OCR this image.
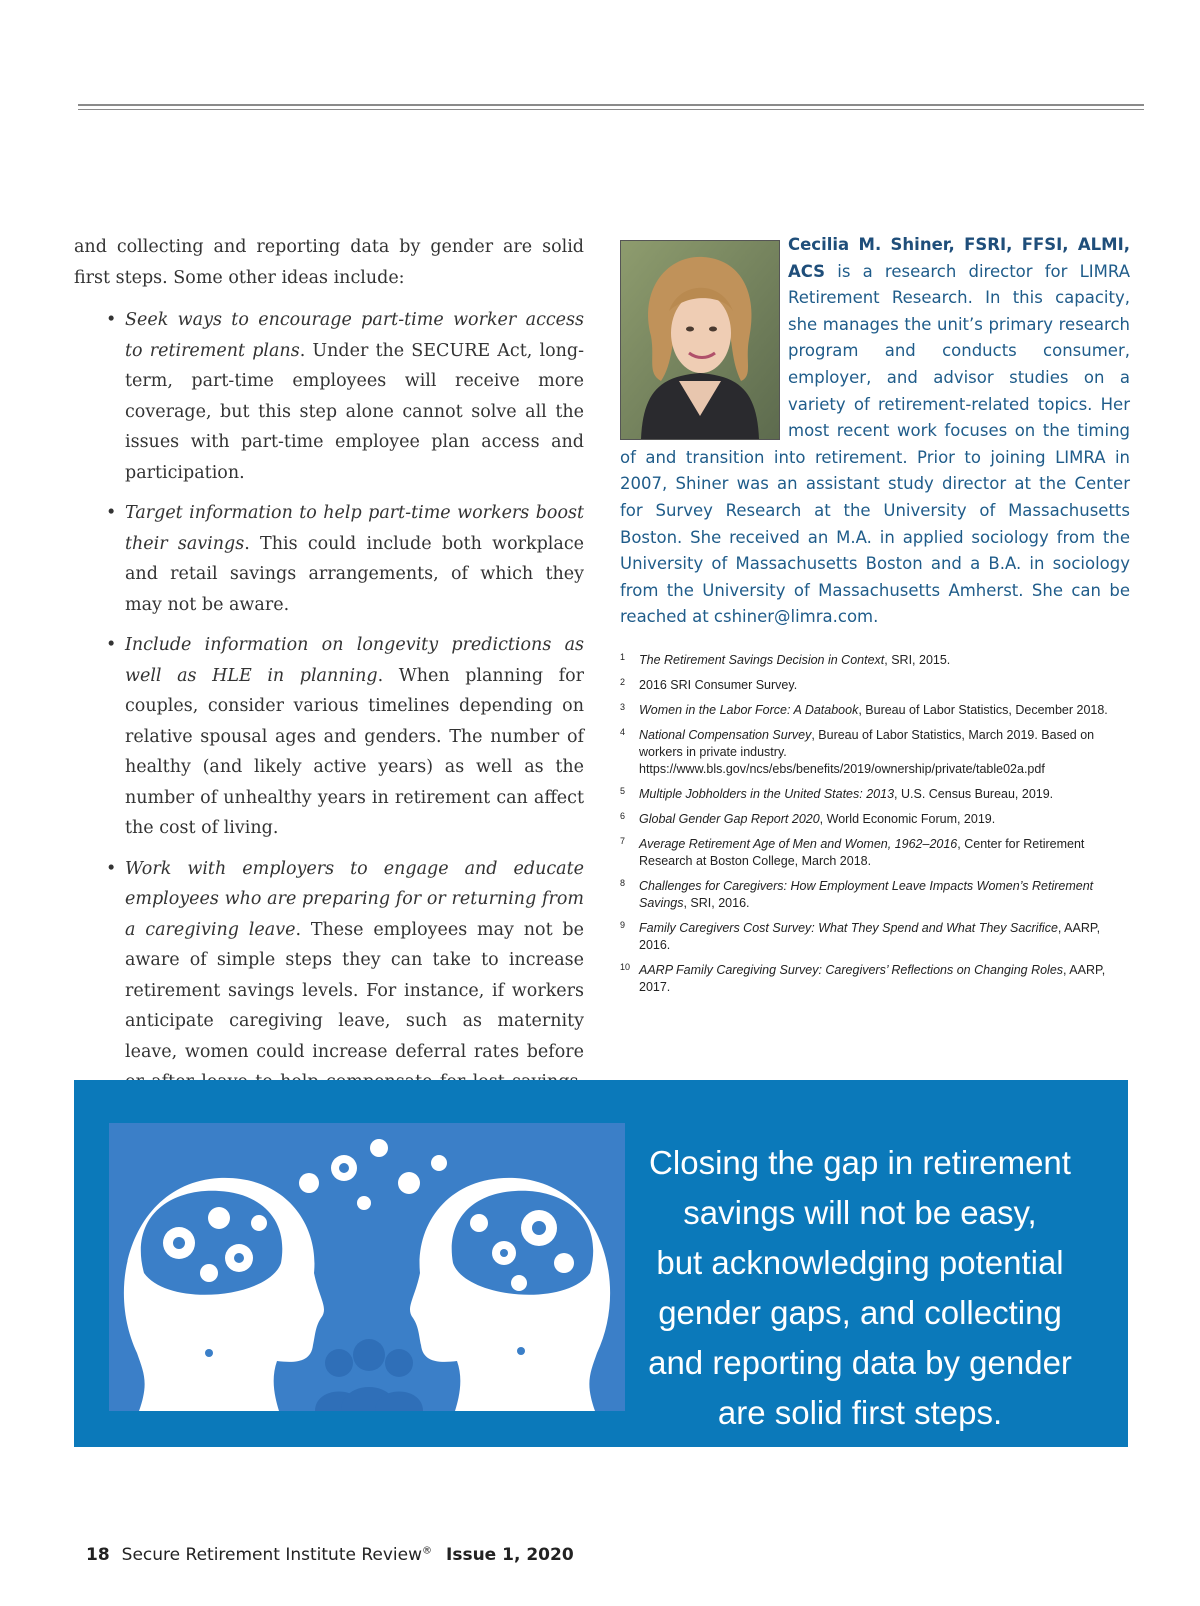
and collecting and reporting data by gender are solid first steps. Some other ideas include:

• Seek ways to encourage part-time worker access to retirement plans. Under the SECURE Act, long-term, part-time employees will receive more coverage, but this step alone cannot solve all the issues with part-time employee plan access and participation.
• Target information to help part-time workers boost their savings. This could include both workplace and retail savings arrangements, of which they may not be aware.
• Include information on longevity predictions as well as HLE in planning. When planning for couples, consider various timelines depending on relative spousal ages and genders. The number of healthy (and likely active years) as well as the number of unhealthy years in retirement can affect the cost of living.
• Work with employers to engage and educate employees who are preparing for or returning from a caregiving leave. These employees may not be aware of simple steps they can take to increase retirement savings levels. For instance, if workers anticipate caregiving leave, such as maternity leave, women could increase deferral rates before
Cecilia M. Shiner, FSRI, FFSI, ALMI, ACS is a research director for LIMRA Retirement Research. In this capacity, she manages the unit’s primary research program and conducts consumer, employer, and advisor studies on a variety of retirement-related topics. Her most recent work focuses on the timing of and transition into retirement. Prior to joining LIMRA in 2007, Shiner was an assistant study director at the Center for Survey Research at the University of Massachusetts Boston. She received an M.A. in applied sociology from the University of Massachusetts Boston and a B.A. in sociology from the University of Massachusetts Amherst. She can be reached at cshiner@limra.com.
1 The Retirement Savings Decision in Context, SRI, 2015.
2 2016 SRI Consumer Survey.
3 Women in the Labor Force: A Databook, Bureau of Labor Statistics, December 2018.
4 National Compensation Survey, Bureau of Labor Statistics, March 2019. Based on workers in private industry. https://www.bls.gov/ncs/ebs/benefits/2019/ownership/private/table02a.pdf
5 Multiple Jobholders in the United States: 2013, U.S. Census Bureau, 2019.
6 Global Gender Gap Report 2020, World Economic Forum, 2019.
7 Average Retirement Age of Men and Women, 1962–2016, Center for Retirement Research at Boston College, March 2018.
8 Challenges for Caregivers: How Employment Leave Impacts Women’s Retirement Savings, SRI, 2016.
9 Family Caregivers Cost Survey: What They Spend and What They Sacrifice, AARP, 2016.
10 AARP Family Caregiving Survey: Caregivers’ Reflections on Changing Roles, AARP, 2017.
Closing the gap in retirement
savings will not be easy,
but acknowledging potential
gender gaps, and collecting
and reporting data by gender
are solid first steps.
18 Secure Retirement Institute Review® Issue 1, 2020
